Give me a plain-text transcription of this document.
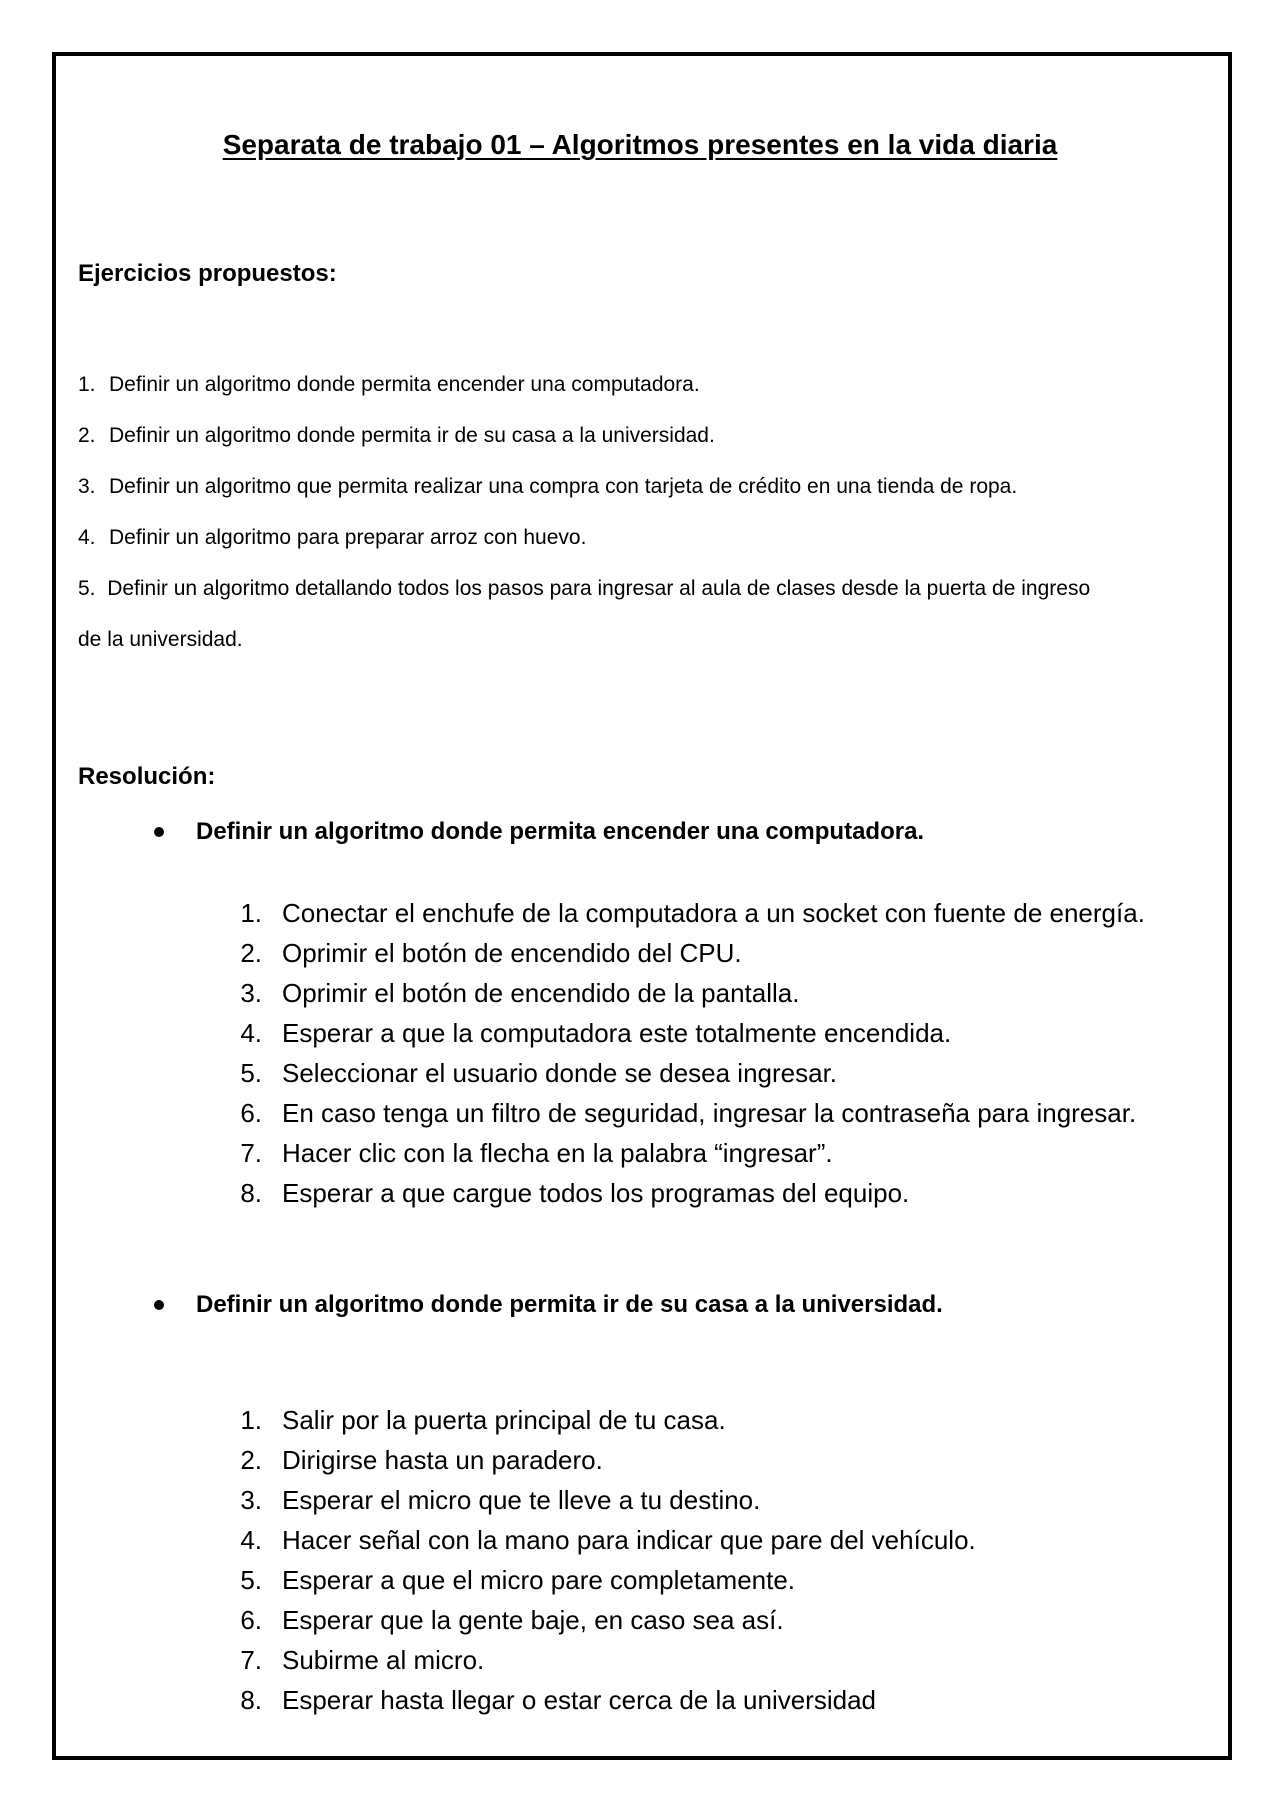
Separata de trabajo 01 – Algoritmos presentes en la vida diaria
Ejercicios propuestos:
1. Definir un algoritmo donde permita encender una computadora.
2. Definir un algoritmo donde permita ir de su casa a la universidad.
3. Definir un algoritmo que permita realizar una compra con tarjeta de crédito en una tienda de ropa.
4. Definir un algoritmo para preparar arroz con huevo.
5. Definir un algoritmo detallando todos los pasos para ingresar al aula de clases desde la puerta de ingreso
de la universidad.
Resolución:
Definir un algoritmo donde permita encender una computadora.
1. Conectar el enchufe de la computadora a un socket con fuente de energía.
2. Oprimir el botón de encendido del CPU.
3. Oprimir el botón de encendido de la pantalla.
4. Esperar a que la computadora este totalmente encendida.
5. Seleccionar el usuario donde se desea ingresar.
6. En caso tenga un filtro de seguridad, ingresar la contraseña para ingresar.
7. Hacer clic con la flecha en la palabra “ingresar”.
8. Esperar a que cargue todos los programas del equipo.
Definir un algoritmo donde permita ir de su casa a la universidad.
1. Salir por la puerta principal de tu casa.
2. Dirigirse hasta un paradero.
3. Esperar el micro que te lleve a tu destino.
4. Hacer señal con la mano para indicar que pare del vehículo.
5. Esperar a que el micro pare completamente.
6. Esperar que la gente baje, en caso sea así.
7. Subirme al micro.
8. Esperar hasta llegar o estar cerca de la universidad
